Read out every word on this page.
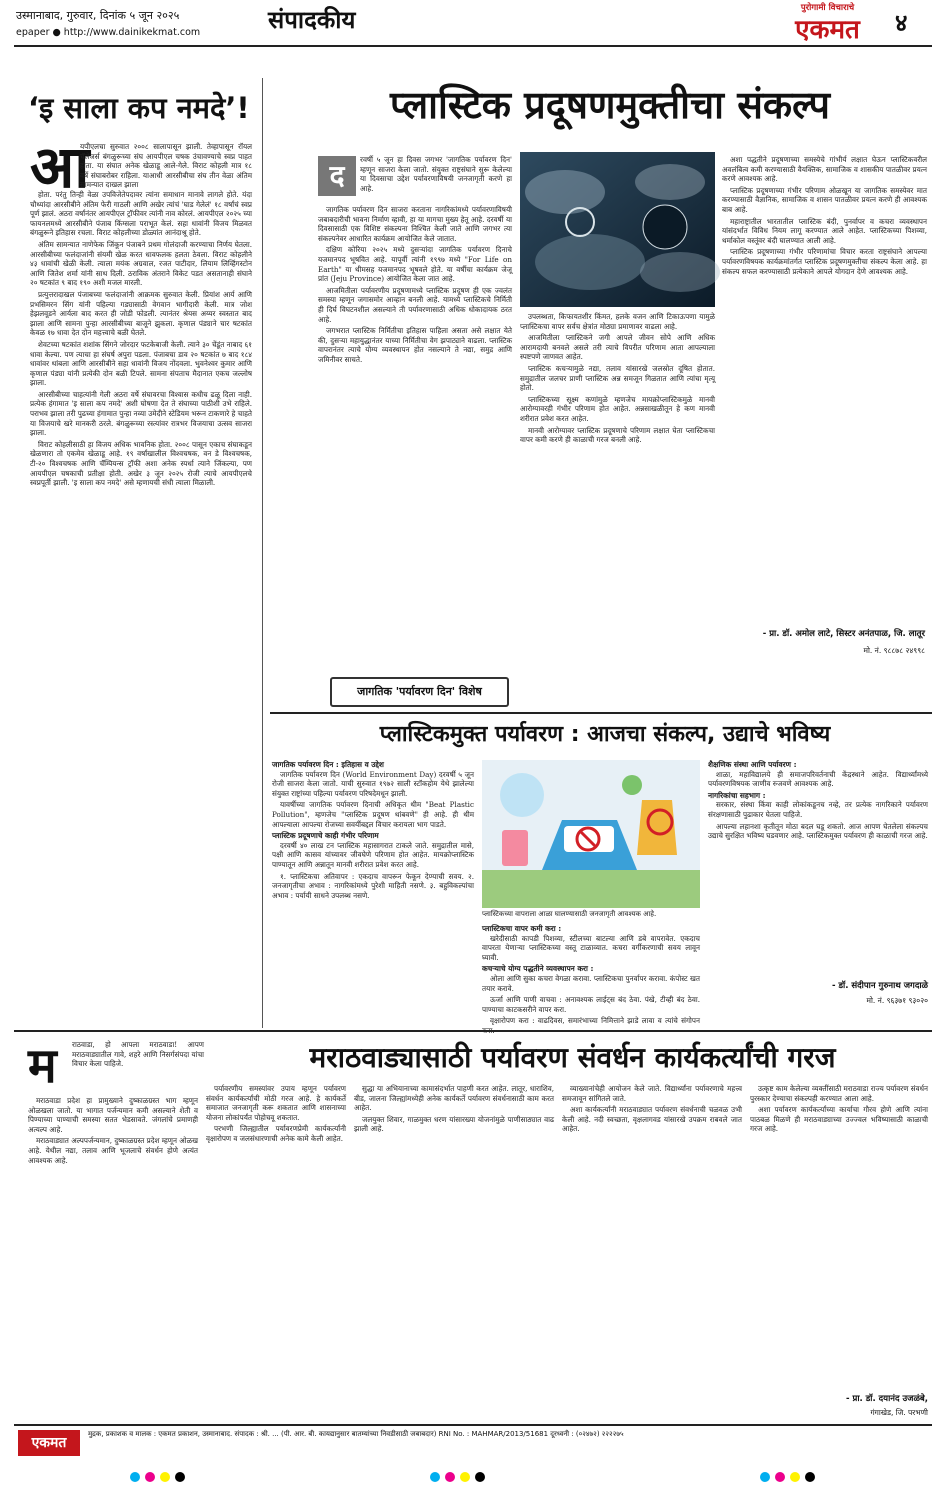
उस्मानाबाद, गुरुवार, दिनांक ५ जून २०२५
epaper ● http://www.dainikekmat.com	संपादकीय	पुरोगामी विचाराचे
एकमत	४
‘इ साला कप नमदे’!
आ
यपीएलचा सुरुवात २००८ सालापासून झाली. तेव्हापासून रॉयल चॅलेंजर्स बंगळुरूच्या संघ आयपीएल चषक उंचावण्याचे स्वप्न पाहत होता. या संघात अनेक खेळाडू आले-गेले. विराट कोहली मात्र १८ वर्षे संघाबरोबर राहिला. याआधी आरसीबीचा संघ तीन वेळा अंतिम सामन्यात दाखल झाला

होता. परंतु तिन्ही वेळा उपविजेतेपदावर त्यांना समाधान मानावे लागले होते. यंदा चौथ्यांदा आरसीबीने अंतिम फेरी गाठली आणि अखेर त्यांचं 'घाड गेलेलं' १८ वर्षांचं स्वप्न पूर्ण झालं. अठरा वर्षांनंतर आयपीएल ट्रॉफीवर त्यांनी नाव कोरलं. आयपीएल २०२५ च्या फायनलमध्ये आरसीबीने पंजाब किंग्सला पराभूत केलं. सहा धावांनी विजय मिळवत बंगळुरूने इतिहास रचला. विराट कोहलीच्या डोळ्यांत आनंदाश्रू होते.

अंतिम सामन्यात नाणेफेक जिंकून पंजाबने प्रथम गोलंदाजी करण्याचा निर्णय घेतला. आरसीबीच्या फलंदाजांनी संयमी खेळ करत धावफलक हलता ठेवला. विराट कोहलीने ४३ धावांची खेळी केली. त्याला मयंक अग्रवाल, रजत पाटीदार, लियाम लिव्हिंगस्टोन आणि जितेश शर्मा यांनी साथ दिली. ठराविक अंतराने विकेट पडत असतानाही संघाने २० षटकांत ९ बाद १९० अशी मजल मारली.

प्रत्युत्तरादाखल पंजाबच्या फलंदाजांनी आक्रमक सुरुवात केली. प्रियांश आर्य आणि प्रभसिमरन सिंग यांनी पहिल्या गड्यासाठी वेगवान भागीदारी केली. मात्र जोश हेझलवूडने आर्यला बाद करत ही जोडी फोडली. त्यानंतर श्रेयस अय्यर स्वस्तात बाद झाला आणि सामना पुन्हा आरसीबीच्या बाजूने झुकला. कृणाल पंड्याने चार षटकांत केवळ १७ धावा देत दोन महत्त्वाचे बळी घेतले.

शेवटच्या षटकांत शशांक सिंगने जोरदार फटकेबाजी केली. त्याने ३० चेंडूंत नाबाद ६१ धावा केल्या. पण त्याचा हा संघर्ष अपुरा पडला. पंजाबचा डाव २० षटकांत ७ बाद १८४ धावांवर थांबला आणि आरसीबीने सहा धावांनी विजय नोंदवला. भुवनेश्वर कुमार आणि कृणाल पंड्या यांनी प्रत्येकी दोन बळी टिपले. सामना संपताच मैदानात एकच जल्लोष झाला.

आरसीबीच्या चाहत्यांनी गेली अठरा वर्षे संघावरचा विश्वास कधीच ढळू दिला नाही. प्रत्येक हंगामात 'इ साला कप नमदे' अशी घोषणा देत ते संघाच्या पाठीशी उभे राहिले. पराभव झाला तरी पुढच्या हंगामात पुन्हा नव्या उमेदीने स्टेडियम भरून टाकणारे हे चाहते या विजयाचे खरे मानकरी ठरले. बंगळुरूच्या रस्त्यांवर रात्रभर विजयाचा उत्सव साजरा झाला.

विराट कोहलीसाठी हा विजय अधिक भावनिक होता. २००८ पासून एकाच संघाकडून खेळणारा तो एकमेव खेळाडू आहे. १९ वर्षांखालील विश्वचषक, वन डे विश्वचषक, टी-२० विश्वचषक आणि चॅम्पियन्स ट्रॉफी अशा अनेक स्पर्धा त्याने जिंकल्या, पण आयपीएल चषकाची प्रतीक्षा होती. अखेर ३ जून २०२५ रोजी त्याचे आयपीएलचे स्वप्नपूर्ती झाली. 'इ साला कप नमदे' असे म्हणायची संधी त्याला मिळाली.

प्लास्टिक प्रदूषणमुक्तीचा संकल्प
द	रवर्षी ५ जून हा दिवस जगभर 'जागतिक पर्यावरण दिन' म्हणून साजरा केला जातो. संयुक्त राष्ट्रसंघाने सुरू केलेल्या या दिवसाचा उद्देश पर्यावरणाविषयी जनजागृती करणे हा आहे.

जागतिक पर्यावरण दिन साजरा करताना नागरिकांमध्ये पर्यावरणाविषयी जबाबदारीची भावना निर्माण व्हावी, हा या मागचा मुख्य हेतू आहे. दरवर्षी या दिवसासाठी एक विशिष्ट संकल्पना निश्चित केली जाते आणि जगभर त्या संकल्पनेवर आधारित कार्यक्रम आयोजित केले जातात.

दक्षिण कोरिया २०२५ मध्ये दुसऱ्यांदा जागतिक पर्यावरण दिनाचे यजमानपद भूषवित आहे. यापूर्वी त्यांनी १९९७ मध्ये "For Life on Earth" या थीमसह यजमानपद भूषवले होते. या वर्षीचा कार्यक्रम जेजू प्रांत (Jeju Province) आयोजित केला जात आहे.

आजमितीला पर्यावरणीय प्रदूषणामध्ये प्लास्टिक प्रदूषण ही एक ज्वलंत समस्या म्हणून जगासमोर आव्हान बनली आहे. यामध्ये प्लास्टिकचे निर्मिती ही दिर्घ विघटनशील असल्याने ती पर्यावरणासाठी अधिक धोकादायक ठरत आहे.

जगभरात प्लास्टिक निर्मितीचा इतिहास पाहिला असता असे लक्षात येते की, दुसऱ्या महायुद्धानंतर याच्या निर्मितीचा वेग झपाट्याने वाढला. प्लास्टिक वापरानंतर त्याचे योग्य व्यवस्थापन होत नसल्याने ते नद्या, समुद्र आणि जमिनीवर साचते.

उपलब्धता, किफायतशीर किंमत, हलके वजन आणि टिकाऊपणा यामुळे प्लास्टिकचा वापर सर्वच क्षेत्रांत मोठ्या प्रमाणावर वाढला आहे.

आजमितीला प्लास्टिकने जगी आपले जीवन सोपे आणि अधिक आरामदायी बनवले असले तरी त्याचे विपरीत परिणाम आता आपल्याला स्पष्टपणे जाणवत आहेत.

प्लास्टिक कचऱ्यामुळे नद्या, तलाव यांसारखे जलस्रोत दूषित होतात. समुद्रातील जलचर प्राणी प्लास्टिक अन्न समजून गिळतात आणि त्यांचा मृत्यू होतो.

प्लास्टिकच्या सूक्ष्म कणांमुळे म्हणजेच मायक्रोप्लास्टिकमुळे मानवी आरोग्यावरही गंभीर परिणाम होत आहेत. अन्नसाखळीतून हे कण मानवी शरीरात प्रवेश करत आहेत.

मानवी आरोग्यावर प्लास्टिक प्रदूषणाचे परिणाम लक्षात घेता प्लास्टिकचा वापर कमी करणे ही काळाची गरज बनली आहे.

अशा पद्धतीने प्रदूषणाच्या समस्येचे गांभीर्य लक्षात घेऊन प्लास्टिकवरील अवलंबित्व कमी करण्यासाठी वैयक्तिक, सामाजिक व शासकीय पातळीवर प्रयत्न करणे आवश्यक आहे.

प्लास्टिक प्रदूषणाच्या गंभीर परिणाम ओळखून या जागतिक समस्येवर मात करण्यासाठी वैज्ञानिक, सामाजिक व शासन पातळीवर प्रयत्न करणे ही आवश्यक बाब आहे.

महाराष्ट्रातील भारतातील प्लास्टिक बंदी, पुनर्वापर व कचरा व्यवस्थापन यांसंदर्भात विविध नियम लागू करण्यात आले आहेत. प्लास्टिकच्या पिशव्या, थर्माकोल वस्तूंवर बंदी घालण्यात आली आहे.

प्लास्टिक प्रदूषणाच्या गंभीर परिणामांचा विचार करता राष्ट्रसंघाने आपल्या पर्यावरणविषयक कार्यक्रमांतर्गत प्लास्टिक प्रदूषणमुक्तीचा संकल्प केला आहे. हा संकल्प सफल करण्यासाठी प्रत्येकाने आपले योगदान देणे आवश्यक आहे.

जागतिक 'पर्यावरण दिन' विशेष
- प्रा. डॉ. अमोल लाटे, सिस्टर अनंतपाळ, जि. लातूर
मो. नं. ९८८७८ २४९९८
प्लास्टिकमुक्त पर्यावरण : आजचा संकल्प, उद्याचे भविष्य
जागतिक पर्यावरण दिन : इतिहास व उद्देश

जागतिक पर्यावरण दिन (World Environment Day) दरवर्षी ५ जून रोजी साजरा केला जातो. याची सुरुवात १९७२ साली स्टॉकहोम येथे झालेल्या संयुक्त राष्ट्रांच्या पहिल्या पर्यावरण परिषदेमधून झाली.

यावर्षीच्या जागतिक पर्यावरण दिनाची अधिकृत थीम "Beat Plastic Pollution", म्हणजेच "प्लास्टिक प्रदूषण थांबवणे" ही आहे. ही थीम आपल्याला आपल्या रोजच्या सवयींबद्दल विचार करायला भाग पाडते.

प्लास्टिक प्रदूषणाचे काही गंभीर परिणाम

दरवर्षी ४० लाख टन प्लास्टिक महासागरात टाकले जाते. समुद्रातील मासे, पक्षी आणि कासव यांच्यावर जीवघेणे परिणाम होत आहेत. मायक्रोप्लास्टिक पाण्यातून आणि अन्नातून मानवी शरीरात प्रवेश करत आहे.

१. प्लास्टिकचा अतिवापर : एकदाच वापरून फेकून देण्याची सवय. २. जनजागृतीचा अभाव : नागरिकांमध्ये पुरेशी माहिती नसणे. ३. बहुविकल्पांचा अभाव : पर्यायी साधने उपलब्ध नसणे.

प्लास्टिकच्या वापराला आळा घालण्यासाठी जनजागृती आवश्यक आहे.
प्लास्टिकचा वापर कमी करा :

खरेदीसाठी कापडी पिशव्या, स्टीलच्या बाटल्या आणि डबे वापरावेत. एकदाच वापरता येणाऱ्या प्लास्टिकच्या वस्तू टाळाव्यात. कचरा वर्गीकरणाची सवय लावून घ्यावी.

कचऱ्याचे योग्य पद्धतीने व्यवस्थापन करा :

ओला आणि सुका कचरा वेगळा करावा. प्लास्टिकचा पुनर्वापर करावा. कंपोस्ट खत तयार करावे.

ऊर्जा आणि पाणी वाचवा : अनावश्यक लाईट्स बंद ठेवा. पंखे, टीव्ही बंद ठेवा. पाण्याचा काटकसरीने वापर करा.

वृक्षारोपण करा : वाढदिवस, समारंभाच्या निमित्ताने झाडे लावा व त्यांचे संगोपन

शैक्षणिक संस्था आणि पर्यावरण :

शाळा, महाविद्यालये ही समाजपरिवर्तनाची केंद्रस्थाने आहेत. विद्यार्थ्यांमध्ये पर्यावरणविषयक जाणीव रुजवणे आवश्यक आहे.

नागरिकांचा सहभाग :

सरकार, संस्था किंवा काही लोकांकडूनच नव्हे, तर प्रत्येक नागरिकाने पर्यावरण संरक्षणासाठी पुढाकार घेतला पाहिजे.

आपल्या लहानशा कृतीतून मोठा बदल घडू शकतो. आज आपण घेतलेला संकल्पच उद्याचे सुरक्षित भविष्य घडवणार आहे. प्लास्टिकमुक्त पर्यावरण ही काळाची गरज आहे.

- डॉ. संदीपान गुरुनाथ जगदाळे
मो. नं. ९६३७१ ९३०२०
म राठवाडा, हो आपला मराठवाडा! आपण मराठवाड्यातील गावे, शहरे आणि निसर्गसंपदा यांचा विचार केला पाहिजे.	मराठवाड्यासाठी पर्यावरण संवर्धन कार्यकर्त्यांची गरज

मराठवाडा प्रदेश हा प्रामुख्याने दुष्काळग्रस्त भाग म्हणून ओळखला जातो. या भागात पर्जन्यमान कमी असल्याने शेती व पिण्याच्या पाण्याची समस्या सतत भेडसावते. जंगलांचे प्रमाणही अत्यल्प आहे.

मराठवाड्यात अल्पपर्जन्यमान, दुष्काळग्रस्त प्रदेश म्हणून ओळख आहे. येथील नद्या, तलाव आणि भूजलाचे संवर्धन होणे अत्यंत आवश्यक आहे.

पर्यावरणीय समस्यांवर उपाय म्हणून पर्यावरण संवर्धन कार्यकर्त्यांची मोठी गरज आहे. हे कार्यकर्ते समाजात जनजागृती करू शकतात आणि शासनाच्या योजना लोकांपर्यंत पोहोचवू शकतात.

परभणी जिल्ह्यातील पर्यावरणप्रेमी कार्यकर्त्यांनी वृक्षारोपण व जलसंधारणाची अनेक कामे केली आहेत.

सुद्धा या अभियानाच्या कामासंदर्भात पाहणी करत आहेत. लातूर, धाराशिव, बीड, जालना जिल्ह्यांमध्येही अनेक कार्यकर्ते पर्यावरण संवर्धनासाठी काम करत आहेत.

जलयुक्त शिवार, गाळमुक्त धरण यांसारख्या योजनांमुळे पाणीसाठ्यात वाढ झाली आहे.

व्याख्यानांचेही आयोजन केले जाते. विद्यार्थ्यांना पर्यावरणाचे महत्त्व समजावून सांगितले जाते.

अशा कार्यकर्त्यांनी मराठवाड्यात पर्यावरण संवर्धनाची चळवळ उभी केली आहे. नदी स्वच्छता, वृक्षलागवड यांसारखे उपक्रम राबवले जात आहेत.

उत्कृष्ट काम केलेल्या व्यक्तींसाठी मराठवाडा राज्य पर्यावरण संवर्धन पुरस्कार देण्याचा संकल्पही करण्यात आला आहे.

अशा पर्यावरण कार्यकर्त्यांच्या कार्याचा गौरव होणे आणि त्यांना पाठबळ मिळणे ही मराठवाड्याच्या उज्ज्वल भविष्यासाठी काळाची गरज आहे.

- प्रा. डॉ. दयानंद उजळंबे,
गंगाखेड, जि. परभणी
एकमत
मुद्रक, प्रकाशक व मालक : एकमत प्रकाशन, उस्मानाबाद. संपादक : श्री. ... (पी. आर. बी. कायद्यानुसार बातम्यांच्या निवडीसाठी जबाबदार) RNI No. : MAHMAR/2013/51681 दूरध्वनी : (०२४७२) २२२२७५
